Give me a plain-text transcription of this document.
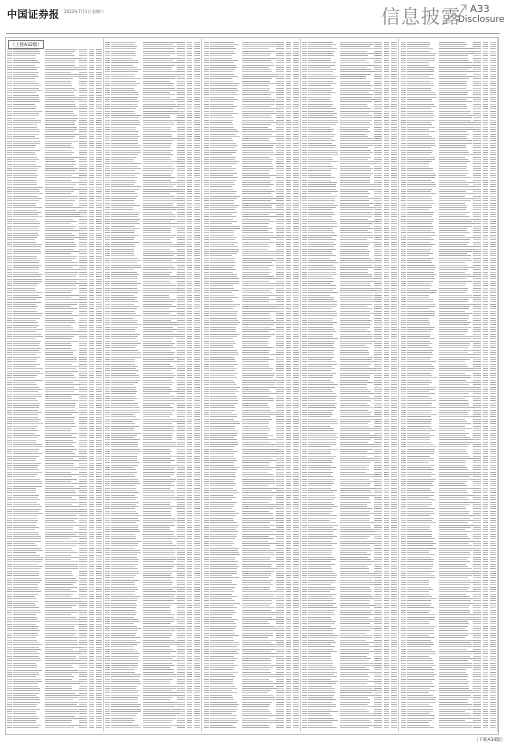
中国证券报 2023年7月1日 星期六	信息披露 A33
Disclosure
（上接A32版）
（下转A34版）
